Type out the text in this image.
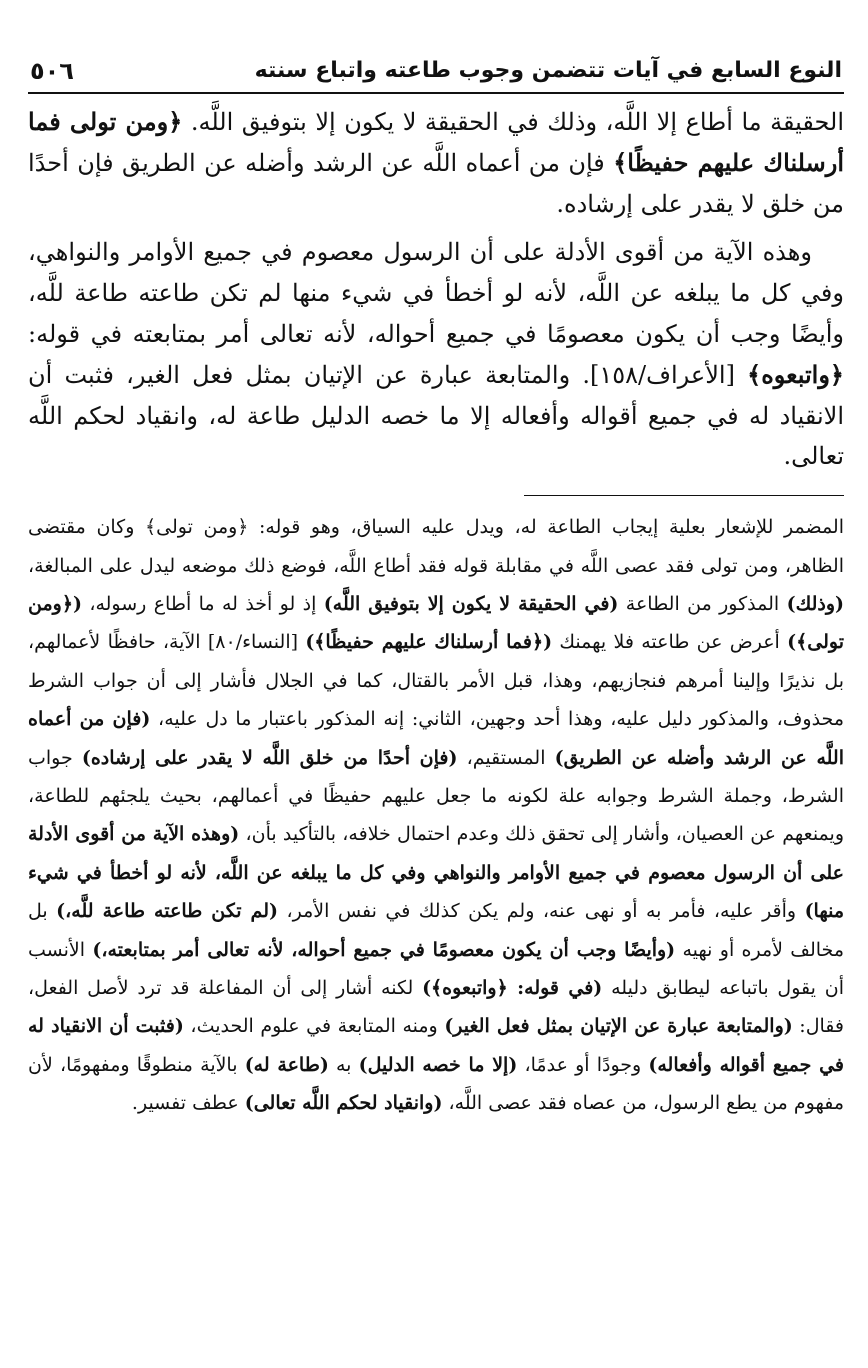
النوع السابع في آيات تتضمن وجوب طاعته واتباع سنته
٥٠٦

الحقيقة ما أطاع إلا اللَّه، وذلك في الحقيقة لا يكون إلا بتوفيق اللَّه. ﴿ومن تولى فما أرسلناك عليهم حفيظًا﴾ فإن من أعماه اللَّه عن الرشد وأضله عن الطريق فإن أحدًا من خلق لا يقدر على إرشاده.

وهذه الآية من أقوى الأدلة على أن الرسول معصوم في جميع الأوامر والنواهي، وفي كل ما يبلغه عن اللَّه، لأنه لو أخطأ في شيء منها لم تكن طاعته طاعة للَّه، وأيضًا وجب أن يكون معصومًا في جميع أحواله، لأنه تعالى أمر بمتابعته في قوله: ﴿واتبعوه﴾ [الأعراف/١٥٨]. والمتابعة عبارة عن الإتيان بمثل فعل الغير، فثبت أن الانقياد له في جميع أقواله وأفعاله إلا ما خصه الدليل طاعة له، وانقياد لحكم اللَّه تعالى.

المضمر للإشعار بعلية إيجاب الطاعة له، ويدل عليه السياق، وهو قوله: ﴿ومن تولى﴾ وكان مقتضى الظاهر، ومن تولى فقد عصى اللَّه في مقابلة قوله فقد أطاع اللَّه، فوضع ذلك موضعه ليدل على المبالغة، (وذلك) المذكور من الطاعة (في الحقيقة لا يكون إلا بتوفيق اللَّه) إذ لو أخذ له ما أطاع رسوله، (﴿ومن تولى﴾) أعرض عن طاعته فلا يهمنك (﴿فما أرسلناك عليهم حفيظًا﴾) [النساء/٨٠] الآية، حافظًا لأعمالهم، بل نذيرًا وإلينا أمرهم فنجازيهم، وهذا، قبل الأمر بالقتال، كما في الجلال فأشار إلى أن جواب الشرط محذوف، والمذكور دليل عليه، وهذا أحد وجهين، الثاني: إنه المذكور باعتبار ما دل عليه، (فإن من أعماه اللَّه عن الرشد وأضله عن الطريق) المستقيم، (فإن أحدًا من خلق اللَّه لا يقدر على إرشاده) جواب الشرط، وجملة الشرط وجوابه علة لكونه ما جعل عليهم حفيظًا في أعمالهم، بحيث يلجئهم للطاعة، ويمنعهم عن العصيان، وأشار إلى تحقق ذلك وعدم احتمال خلافه، بالتأكيد بأن، (وهذه الآية من أقوى الأدلة على أن الرسول معصوم في جميع الأوامر والنواهي وفي كل ما يبلغه عن اللَّه، لأنه لو أخطأ في شيء منها) وأقر عليه، فأمر به أو نهى عنه، ولم يكن كذلك في نفس الأمر، (لم تكن طاعته طاعة للَّه،) بل مخالف لأمره أو نهيه (وأيضًا وجب أن يكون معصومًا في جميع أحواله، لأنه تعالى أمر بمتابعته،) الأنسب أن يقول باتباعه ليطابق دليله (في قوله: ﴿واتبعوه﴾) لكنه أشار إلى أن المفاعلة قد ترد لأصل الفعل، فقال: (والمتابعة عبارة عن الإتيان بمثل فعل الغير) ومنه المتابعة في علوم الحديث، (فثبت أن الانقياد له في جميع أقواله وأفعاله) وجودًا أو عدمًا، (إلا ما خصه الدليل) به (طاعة له) بالآية منطوقًا ومفهومًا، لأن مفهوم من يطع الرسول، من عصاه فقد عصى اللَّه، (وانقياد لحكم اللَّه تعالى) عطف تفسير.
